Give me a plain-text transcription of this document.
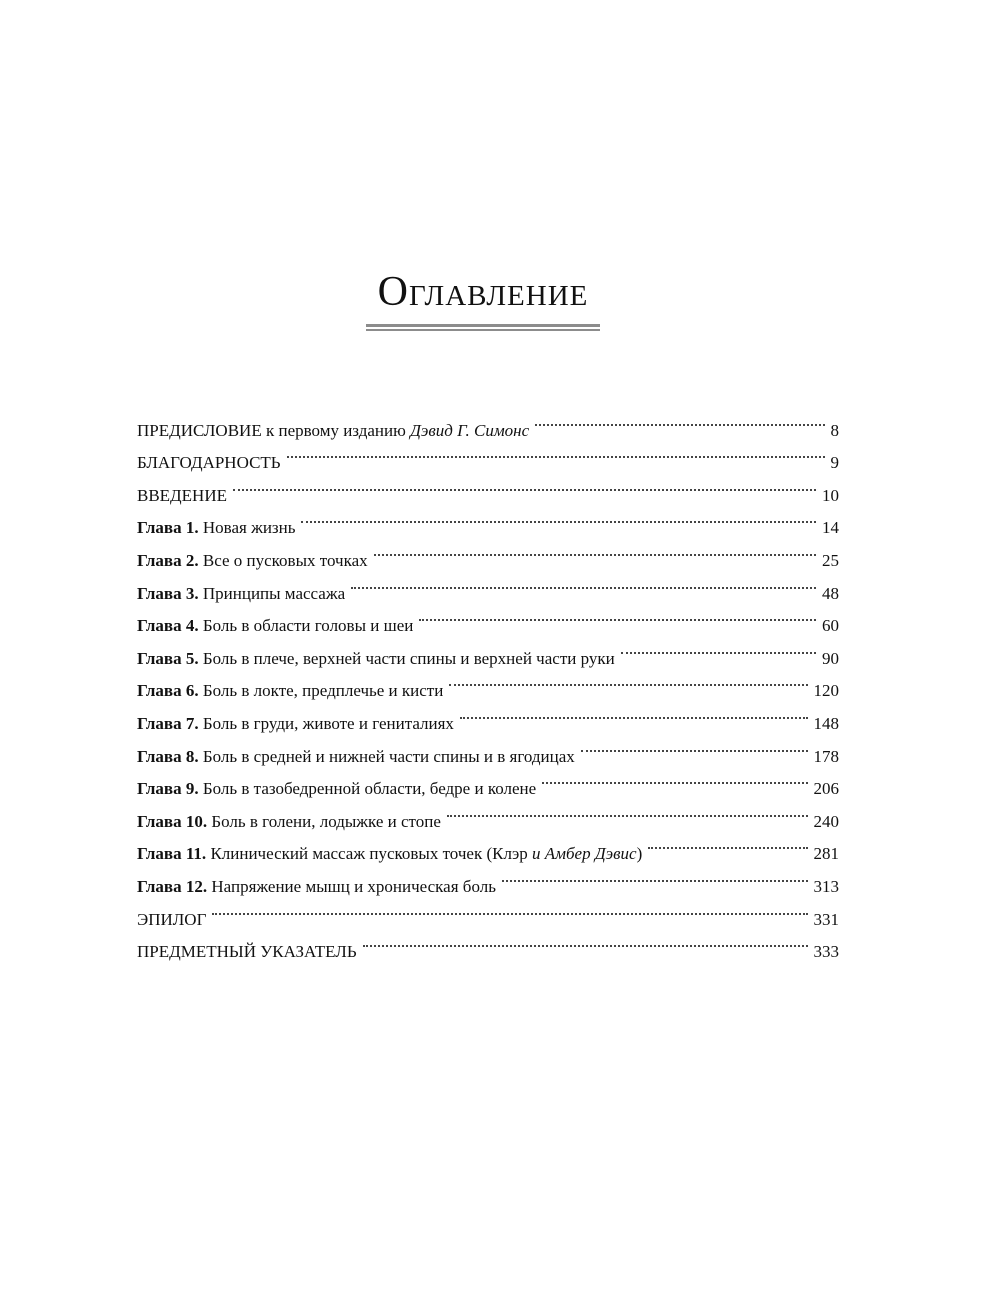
Оглавление
ПРЕДИСЛОВИЕ к первому изданию Дэвид Г. Симонс	8
БЛАГОДАРНОСТЬ	9
ВВЕДЕНИЕ	10
Глава 1. Новая жизнь	14
Глава 2. Все о пусковых точках	25
Глава 3. Принципы массажа	48
Глава 4. Боль в области головы и шеи	60
Глава 5. Боль в плече, верхней части спины и верхней части руки	90
Глава 6. Боль в локте, предплечье и кисти	120
Глава 7. Боль в груди, животе и гениталиях	148
Глава 8. Боль в средней и нижней части спины и в ягодицах	178
Глава 9. Боль в тазобедренной области, бедре и колене	206
Глава 10. Боль в голени, лодыжке и стопе	240
Глава 11. Клинический массаж пусковых точек (Клэр и Амбер Дэвис)	281
Глава 12. Напряжение мышц и хроническая боль	313
ЭПИЛОГ	331
ПРЕДМЕТНЫЙ УКАЗАТЕЛЬ	333
